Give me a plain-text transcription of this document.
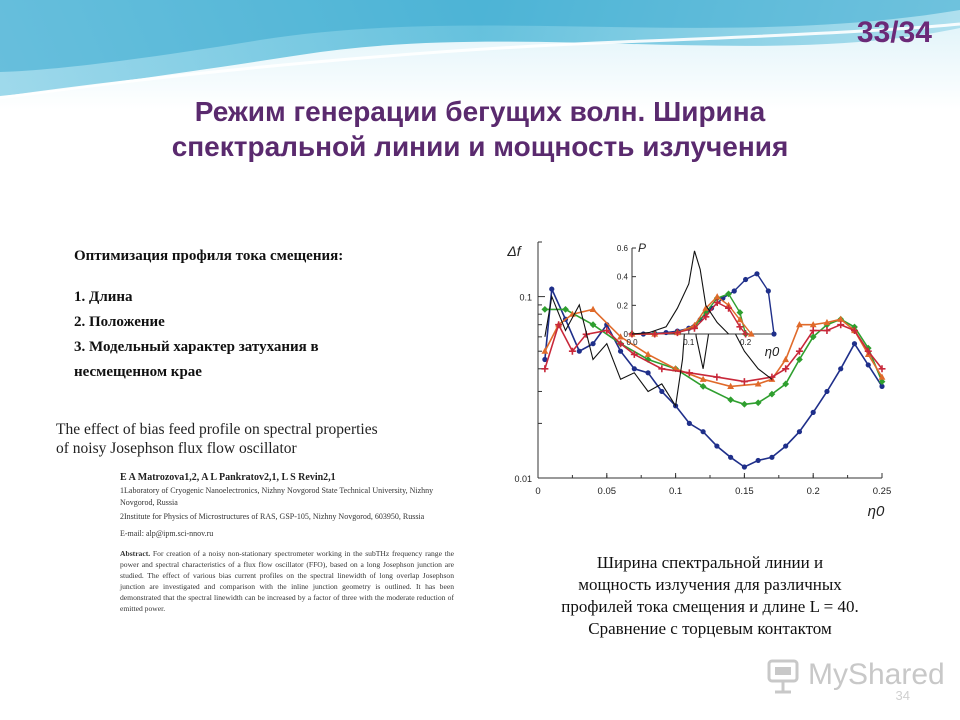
33/34
Режим генерации бегущих волн. Ширина
спектральной линии и мощность излучения
Оптимизация профиля тока смещения:
1. Длина
2. Положение
3. Модельный характер затухания в
несмещенном крае
The effect of bias feed profile on spectral properties
of noisy Josephson flux flow oscillator
E A Matrozova1,2, A L Pankratov2,1, L S Revin2,1
1Laboratory of Cryogenic Nanoelectronics, Nizhny Novgorod State Technical University, Nizhny Novgorod, Russia
2Institute for Physics of Microstructures of RAS, GSP-105, Nizhny Novgorod, 603950, Russia
E-mail: alp@ipm.sci-nnov.ru
Abstract. For creation of a noisy non-stationary spectrometer working in the subTHz frequency range the power and spectral characteristics of a flux flow oscillator (FFO), based on a long Josephson junction are studied. The effect of various bias current profiles on the spectral linewidth of long overlap Josephson junction are investigated and comparison with the inline junction geometry is outlined. It has been demonstrated that the spectral linewidth can be increased by a factor of three with the moderate reduction of emitted power.
0.01
0.1
0	0.05	0.1	0.15	0.2	0.25
Δf
η0
0
0.2
0.4
0.6
0.0	0.1	0.2
P
η0
Ширина спектральной линии и
мощность излучения для различных
профилей тока смещения и длине L = 40.
Сравнение с торцевым контактом
MyShared
34
